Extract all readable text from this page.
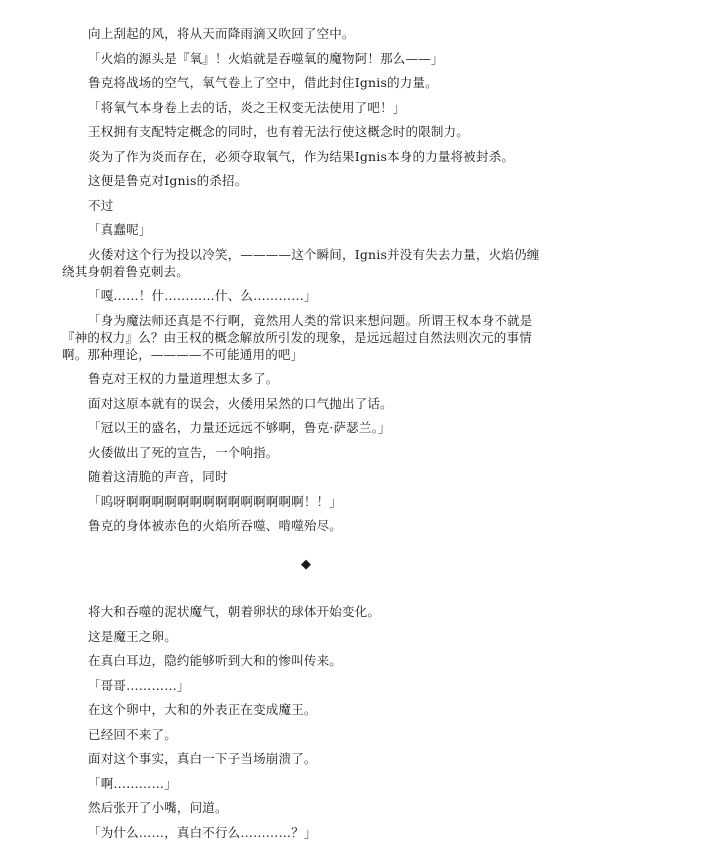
向上刮起的风，将从天而降雨滴又吹回了空中。

「火焰的源头是『氧』！火焰就是吞噬氧的魔物阿！那么——」

鲁克将战场的空气，氧气卷上了空中，借此封住Ignis的力量。

「将氧气本身卷上去的话，炎之王权变无法使用了吧！」

王权拥有支配特定概念的同时，也有着无法行使这概念时的限制力。

炎为了作为炎而存在，必须夺取氧气，作为结果Ignis本身的力量将被封杀。

这便是鲁克对Ignis的杀招。

不过

「真蠢呢」

火倭对这个行为投以冷笑，————这个瞬间，Ignis并没有失去力量，火焰仍缠绕其身朝着鲁克刺去。

「嘎……！什…………什、么…………」

「身为魔法师还真是不行啊，竟然用人类的常识来想问题。所谓王权本身不就是『神的权力』么？由王权的概念解放所引发的现象，是远远超过自然法则次元的事情啊。那种理论，————不可能通用的吧」

鲁克对王权的力量道理想太多了。

面对这原本就有的误会，火倭用呆然的口气抛出了话。

「冠以王的盛名，力量还远远不够啊，鲁克·萨瑟兰。」

火倭做出了死的宣告，一个响指。

随着这清脆的声音，同时

「呜呀啊啊啊啊啊啊啊啊啊啊啊啊啊啊！！」

鲁克的身体被赤色的火焰所吞噬、啃噬殆尽。

◆

将大和吞噬的泥状魔气，朝着卵状的球体开始变化。

这是魔王之卵。

在真白耳边，隐约能够听到大和的惨叫传来。

「哥哥…………」

在这个卵中，大和的外表正在变成魔王。

已经回不来了。

面对这个事实，真白一下子当场崩溃了。

「啊…………」

然后张开了小嘴，问道。

「为什么……，真白不行么…………？」
